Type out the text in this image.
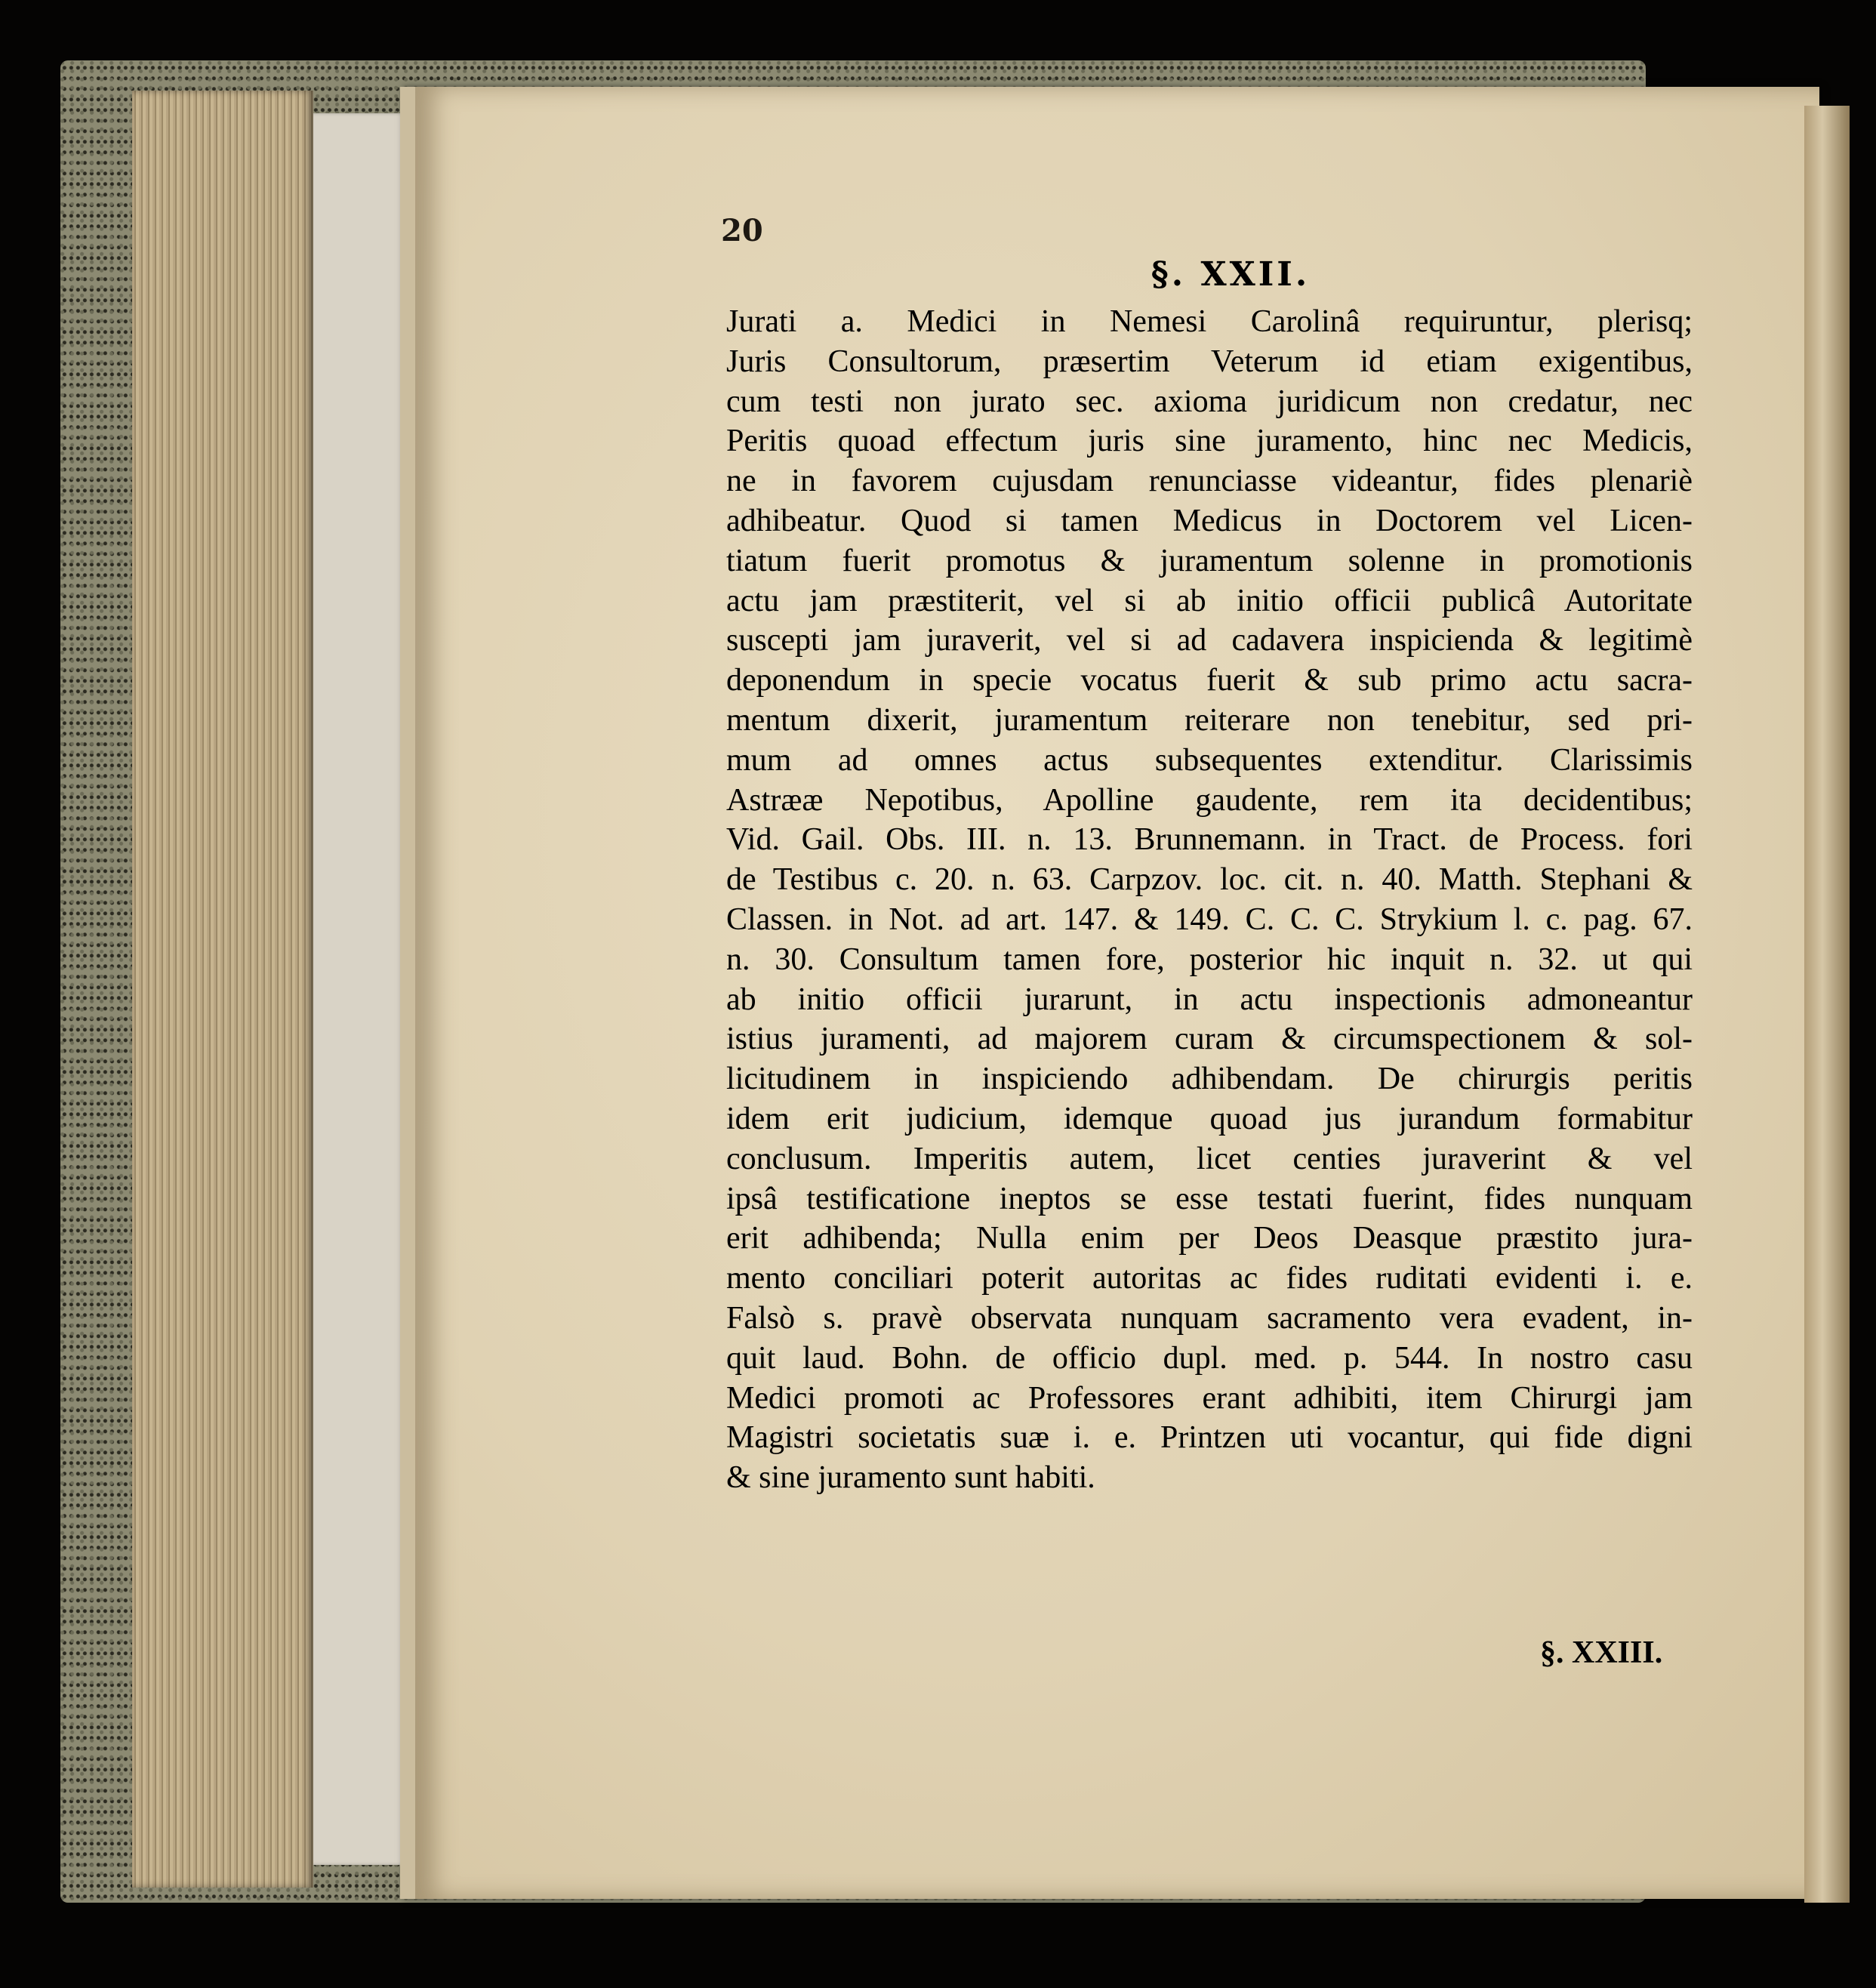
20
§. XXII.
Jurati a. Medici in Nemesi Carolinâ requiruntur, plerisq;
Juris Consultorum, præsertim Veterum id etiam exigentibus,
cum testi non jurato sec. axioma juridicum non credatur, nec
Peritis quoad effectum juris sine juramento, hinc nec Medicis,
ne in favorem cujusdam renunciasse videantur, fides plenariè
adhibeatur. Quod si tamen Medicus in Doctorem vel Licen-
tiatum fuerit promotus & juramentum solenne in promotionis
actu jam præstiterit, vel si ab initio officii publicâ Autoritate
suscepti jam juraverit, vel si ad cadavera inspicienda & legitimè
deponendum in specie vocatus fuerit & sub primo actu sacra-
mentum dixerit, juramentum reiterare non tenebitur, sed pri-
mum ad omnes actus subsequentes extenditur. Clarissimis
Astrææ Nepotibus, Apolline gaudente, rem ita decidentibus;
Vid. Gail. Obs. III. n. 13. Brunnemann. in Tract. de Process. fori
de Testibus c. 20. n. 63. Carpzov. loc. cit. n. 40. Matth. Stephani &
Classen. in Not. ad art. 147. & 149. C. C. C. Strykium l. c. pag. 67.
n. 30. Consultum tamen fore, posterior hic inquit n. 32. ut qui
ab initio officii jurarunt, in actu inspectionis admoneantur
istius juramenti, ad majorem curam & circumspectionem & sol-
licitudinem in inspiciendo adhibendam. De chirurgis peritis
idem erit judicium, idemque quoad jus jurandum formabitur
conclusum. Imperitis autem, licet centies juraverint & vel
ipsâ testificatione ineptos se esse testati fuerint, fides nunquam
erit adhibenda; Nulla enim per Deos Deasque præstito jura-
mento conciliari poterit autoritas ac fides ruditati evidenti i. e.
Falsò s. pravè observata nunquam sacramento vera evadent, in-
quit laud. Bohn. de officio dupl. med. p. 544. In nostro casu
Medici promoti ac Professores erant adhibiti, item Chirurgi jam
Magistri societatis suæ i. e. Printzen uti vocantur, qui fide digni
& sine juramento sunt habiti.
§. XXIII.
